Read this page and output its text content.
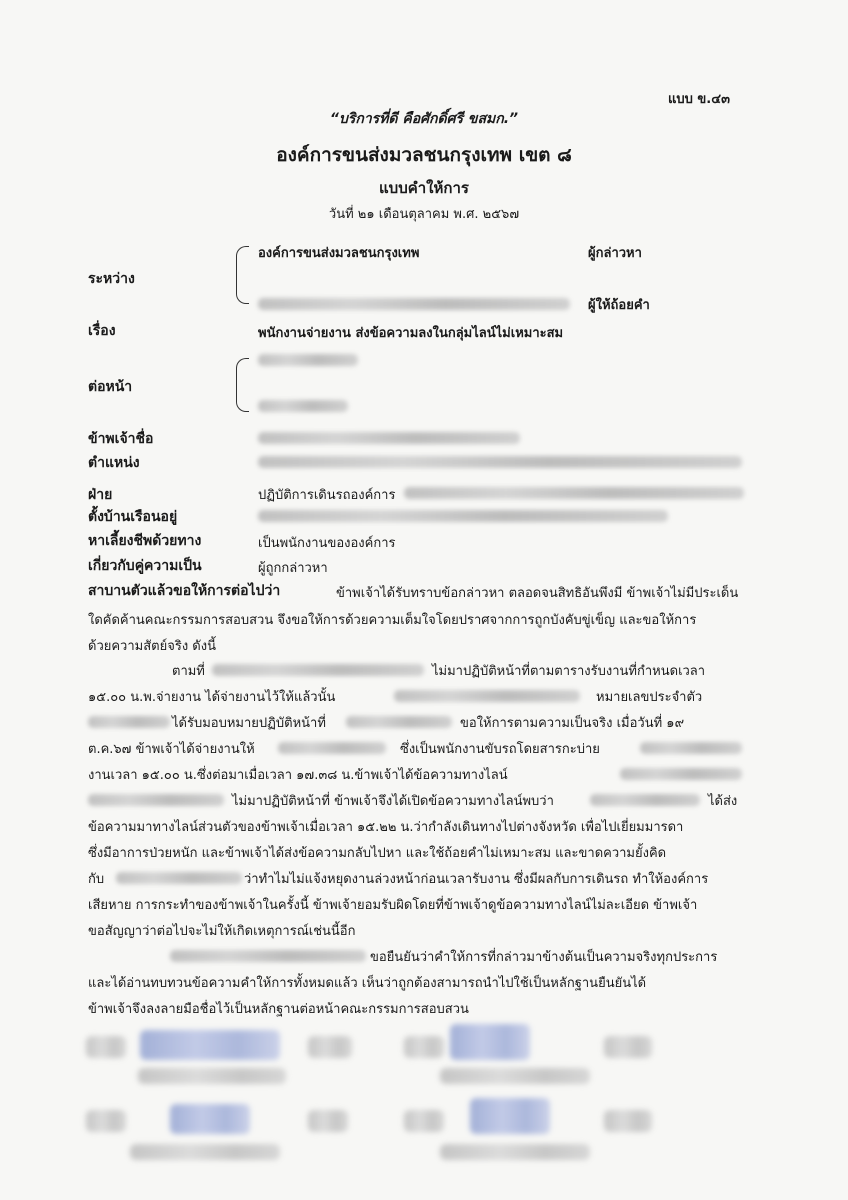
แบบ ข.๔๓
“บริการที่ดี คือศักดิ์ศรี ขสมก.”
องค์การขนส่งมวลชนกรุงเทพ เขต ๘
แบบคำให้การ
วันที่ ๒๑ เดือนตุลาคม พ.ศ. ๒๕๖๗
ระหว่าง
องค์การขนส่งมวลชนกรุงเทพ	ผู้กล่าวหา
ผู้ให้ถ้อยคำ
เรื่อง	พนักงานจ่ายงาน ส่งข้อความลงในกลุ่มไลน์ไม่เหมาะสม
ต่อหน้า
ข้าพเจ้าชื่อ
ตำแหน่ง
ฝ่าย	ปฏิบัติการเดินรถองค์การ
ตั้งบ้านเรือนอยู่
หาเลี้ยงชีพด้วยทาง	เป็นพนักงานขององค์การ
เกี่ยวกับคู่ความเป็น	ผู้ถูกกล่าวหา
สาบานตัวแล้วขอให้การต่อไปว่า	ข้าพเจ้าได้รับทราบข้อกล่าวหา ตลอดจนสิทธิอันพึงมี ข้าพเจ้าไม่มีประเด็น
ใดคัดค้านคณะกรรมการสอบสวน จึงขอให้การด้วยความเต็มใจโดยปราศจากการถูกบังคับขู่เข็ญ และขอให้การ
ด้วยความสัตย์จริง ดังนี้
ตามที่	ไม่มาปฏิบัติหน้าที่ตามตารางรับงานที่กำหนดเวลา
๑๕.๐๐ น.พ.จ่ายงาน ได้จ่ายงานไว้ให้แล้วนั้น	หมายเลขประจำตัว
ได้รับมอบหมายปฏิบัติหน้าที่	ขอให้การตามความเป็นจริง เมื่อวันที่ ๑๙
ต.ค.๖๗ ข้าพเจ้าได้จ่ายงานให้	ซึ่งเป็นพนักงานขับรถโดยสารกะบ่าย
งานเวลา ๑๕.๐๐ น.ซึ่งต่อมาเมื่อเวลา ๑๗.๓๘ น.ข้าพเจ้าได้ข้อความทางไลน์
ไม่มาปฏิบัติหน้าที่ ข้าพเจ้าจึงได้เปิดข้อความทางไลน์พบว่า	ได้ส่ง
ข้อความมาทางไลน์ส่วนตัวของข้าพเจ้าเมื่อเวลา ๑๕.๒๒ น.ว่ากำลังเดินทางไปต่างจังหวัด เพื่อไปเยี่ยมมารดา
ซึ่งมีอาการป่วยหนัก และข้าพเจ้าได้ส่งข้อความกลับไปหา และใช้ถ้อยคำไม่เหมาะสม และขาดความยั้งคิด
กับ	ว่าทำไมไม่แจ้งหยุดงานล่วงหน้าก่อนเวลารับงาน ซึ่งมีผลกับการเดินรถ ทำให้องค์การ
เสียหาย การกระทำของข้าพเจ้าในครั้งนี้ ข้าพเจ้ายอมรับผิดโดยที่ข้าพเจ้าดูข้อความทางไลน์ไม่ละเอียด ข้าพเจ้า
ขอสัญญาว่าต่อไปจะไม่ให้เกิดเหตุการณ์เช่นนี้อีก
ขอยืนยันว่าคำให้การที่กล่าวมาข้างต้นเป็นความจริงทุกประการ
และได้อ่านทบทวนข้อความคำให้การทั้งหมดแล้ว เห็นว่าถูกต้องสามารถนำไปใช้เป็นหลักฐานยืนยันได้
ข้าพเจ้าจึงลงลายมือชื่อไว้เป็นหลักฐานต่อหน้าคณะกรรมการสอบสวน
